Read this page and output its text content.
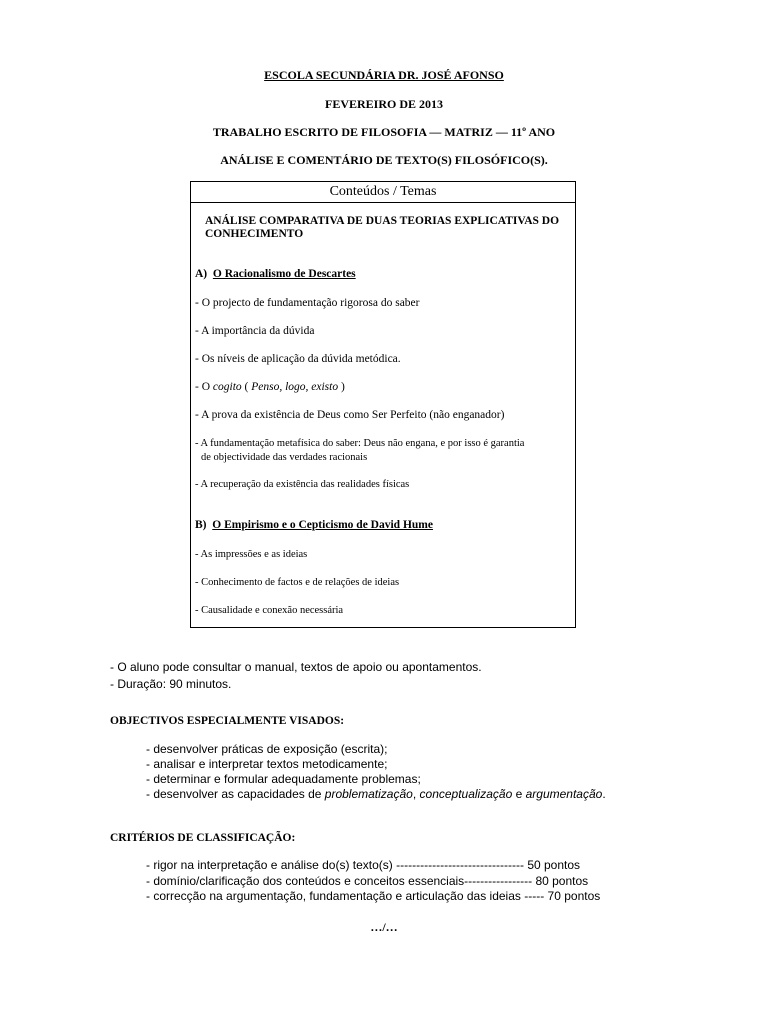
ESCOLA SECUNDÁRIA DR. JOSÉ AFONSO
FEVEREIRO DE 2013
TRABALHO ESCRITO DE FILOSOFIA — MATRIZ — 11º ANO
ANÁLISE E COMENTÁRIO DE TEXTO(S) FILOSÓFICO(S).
Conteúdos / Temas
ANÁLISE COMPARATIVA DE DUAS TEORIAS EXPLICATIVAS DO
CONHECIMENTO
A) O Racionalismo de Descartes
- O projecto de fundamentação rigorosa do saber
- A importância da dúvida
- Os níveis de aplicação da dúvida metódica.
- O cogito ( Penso, logo, existo )
- A prova da existência de Deus como Ser Perfeito (não enganador)
- A fundamentação metafísica do saber: Deus não engana, e por isso é garantia
de objectividade das verdades racionais
- A recuperação da existência das realidades físicas
B) O Empirismo e o Cepticismo de David Hume
- As impressões e as ideias
- Conhecimento de factos e de relações de ideias
- Causalidade e conexão necessária
- O aluno pode consultar o manual, textos de apoio ou apontamentos.
- Duração: 90 minutos.
OBJECTIVOS ESPECIALMENTE VISADOS:
- desenvolver práticas de exposição (escrita);
- analisar e interpretar textos metodicamente;
- determinar e formular adequadamente problemas;
- desenvolver as capacidades de problematização, conceptualização e argumentação.
CRITÉRIOS DE CLASSIFICAÇÃO:
- rigor na interpretação e análise do(s) texto(s) -------------------------------- 50 pontos
- domínio/clarificação dos conteúdos e conceitos essenciais----------------- 80 pontos
- correcção na argumentação, fundamentação e articulação das ideias ----- 70 pontos
…/…
